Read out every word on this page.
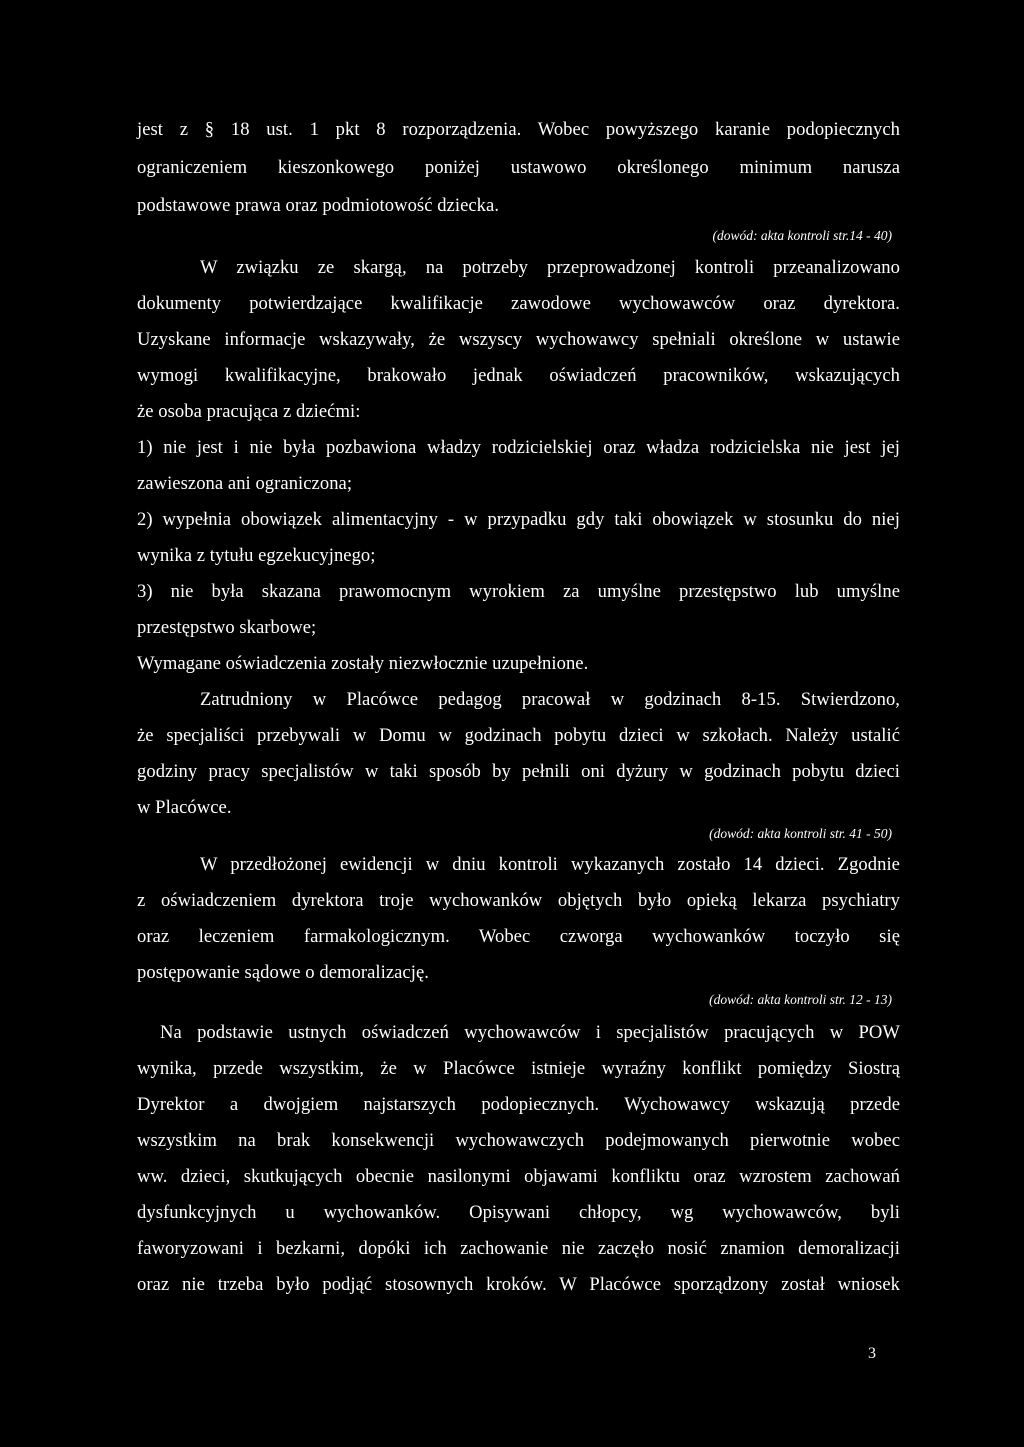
jest z § 18 ust. 1 pkt 8 rozporządzenia. Wobec powyższego karanie podopiecznych
ograniczeniem kieszonkowego poniżej ustawowo określonego minimum narusza
podstawowe prawa oraz podmiotowość dziecka.
(dowód: akta kontroli str.14 - 40)
W związku ze skargą, na potrzeby przeprowadzonej kontroli przeanalizowano
dokumenty potwierdzające kwalifikacje zawodowe wychowawców oraz dyrektora.
Uzyskane informacje wskazywały, że wszyscy wychowawcy spełniali określone w ustawie
wymogi kwalifikacyjne, brakowało jednak oświadczeń pracowników, wskazujących
że osoba pracująca z dziećmi:
1) nie jest i nie była pozbawiona władzy rodzicielskiej oraz władza rodzicielska nie jest jej
zawieszona ani ograniczona;
2) wypełnia obowiązek alimentacyjny - w przypadku gdy taki obowiązek w stosunku do niej
wynika z tytułu egzekucyjnego;
3) nie była skazana prawomocnym wyrokiem za umyślne przestępstwo lub umyślne
przestępstwo skarbowe;
Wymagane oświadczenia zostały niezwłocznie uzupełnione.
Zatrudniony w Placówce pedagog pracował w godzinach 8-15. Stwierdzono,
że specjaliści przebywali w Domu w godzinach pobytu dzieci w szkołach. Należy ustalić
godziny pracy specjalistów w taki sposób by pełnili oni dyżury w godzinach pobytu dzieci
w Placówce.
(dowód: akta kontroli str. 41 - 50)
W przedłożonej ewidencji w dniu kontroli wykazanych zostało 14 dzieci. Zgodnie
z oświadczeniem dyrektora troje wychowanków objętych było opieką lekarza psychiatry
oraz leczeniem farmakologicznym. Wobec czworga wychowanków toczyło się
postępowanie sądowe o demoralizację.
(dowód: akta kontroli str. 12 - 13)
Na podstawie ustnych oświadczeń wychowawców i specjalistów pracujących w POW
wynika, przede wszystkim, że w Placówce istnieje wyraźny konflikt pomiędzy Siostrą
Dyrektor a dwojgiem najstarszych podopiecznych. Wychowawcy wskazują przede
wszystkim na brak konsekwencji wychowawczych podejmowanych pierwotnie wobec
ww. dzieci, skutkujących obecnie nasilonymi objawami konfliktu oraz wzrostem zachowań
dysfunkcyjnych u wychowanków. Opisywani chłopcy, wg wychowawców, byli
faworyzowani i bezkarni, dopóki ich zachowanie nie zaczęło nosić znamion demoralizacji
oraz nie trzeba było podjąć stosownych kroków. W Placówce sporządzony został wniosek
3
